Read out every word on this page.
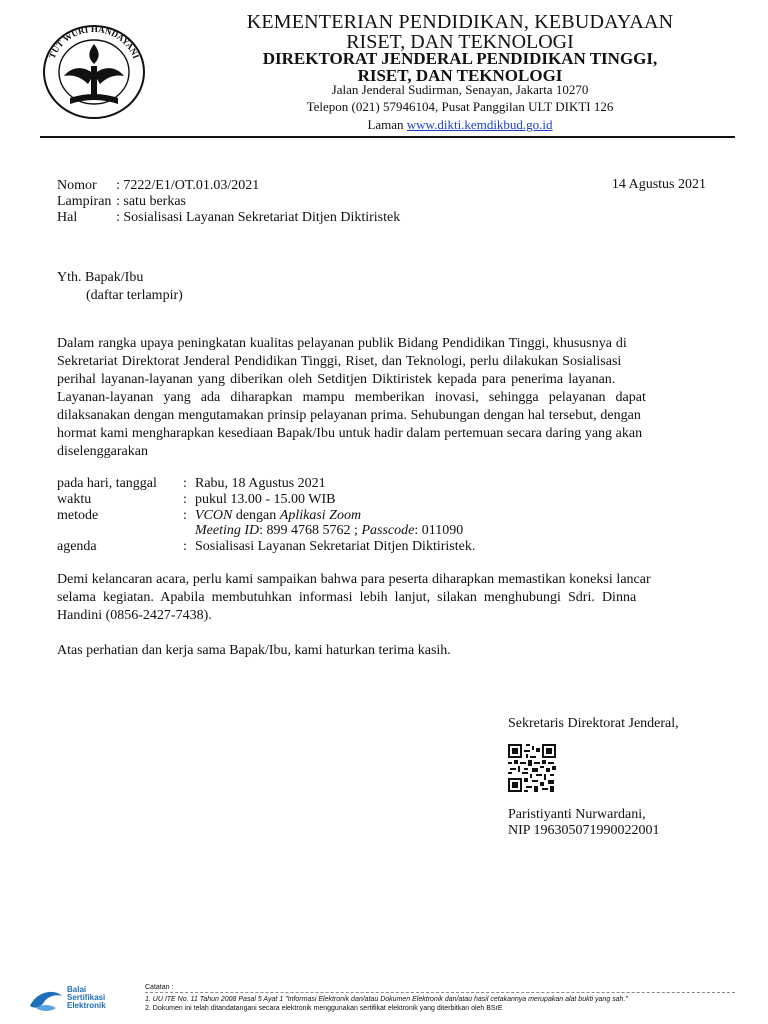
TUT WURI HANDAYANI
KEMENTERIAN PENDIDIKAN, KEBUDAYAAN
RISET, DAN TEKNOLOGI
DIREKTORAT JENDERAL PENDIDIKAN TINGGI,
RISET, DAN TEKNOLOGI
Jalan Jenderal Sudirman, Senayan, Jakarta 10270
Telepon (021) 57946104, Pusat Panggilan ULT DIKTI 126
Laman www.dikti.kemdikbud.go.id
Nomor : 7222/E1/OT.01.03/2021	14 Agustus 2021
Lampiran : satu berkas
Hal	: Sosialisasi Layanan Sekretariat Ditjen Diktiristek
Yth. Bapak/Ibu
(daftar terlampir)
Dalam rangka upaya peningkatan kualitas pelayanan publik Bidang Pendidikan Tinggi, khususnya di
Sekretariat Direktorat Jenderal Pendidikan Tinggi, Riset, dan Teknologi, perlu dilakukan Sosialisasi
perihal layanan-layanan yang diberikan oleh Setditjen Diktiristek kepada para penerima layanan.
Layanan-layanan yang ada diharapkan mampu memberikan inovasi, sehingga pelayanan dapat
dilaksanakan dengan mengutamakan prinsip pelayanan prima. Sehubungan dengan hal tersebut, dengan
hormat kami mengharapkan kesediaan Bapak/Ibu untuk hadir dalam pertemuan secara daring yang akan
diselenggarakan
pada hari, tanggal : Rabu, 18 Agustus 2021
waktu	: pukul 13.00 - 15.00 WIB
metode	: VCON dengan Aplikasi Zoom
Meeting ID: 899 4768 5762 ; Passcode: 011090
agenda	: Sosialisasi Layanan Sekretariat Ditjen Diktiristek.
Demi kelancaran acara, perlu kami sampaikan bahwa para peserta diharapkan memastikan koneksi lancar
selama kegiatan. Apabila membutuhkan informasi lebih lanjut, silakan menghubungi Sdri. Dinna
Handini (0856-2427-7438).
Atas perhatian dan kerja sama Bapak/Ibu, kami haturkan terima kasih.
Sekretaris Direktorat Jenderal,
Paristiyanti Nurwardani,
NIP 196305071990022001
Balai
Sertifikasi
Elektronik
Catatan :
1. UU ITE No. 11 Tahun 2008 Pasal 5 Ayat 1 "Informasi Elektronik dan/atau Dokumen Elektronik dan/atau hasil cetakannya merupakan alat bukti yang sah."
2. Dokumen ini telah ditandatangani secara elektronik menggunakan sertifikat elektronik yang diterbitkan oleh BSrE
